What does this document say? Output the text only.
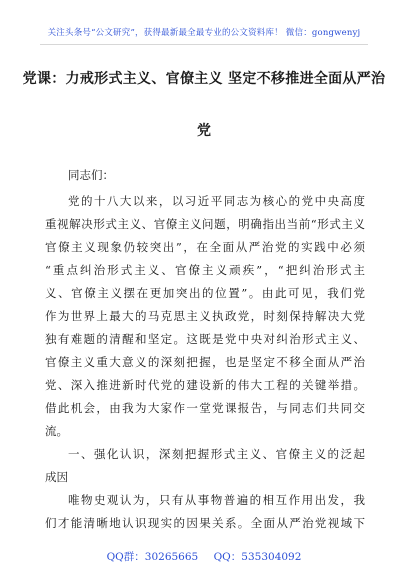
关注头条号“公文研究”，获得最新最全最专业的公文资料库！ 微信：gongwenyj
党课：力戒形式主义、官僚主义 坚定不移推进全面从严治
党
同志们：
党的十八大以来，以习近平同志为核心的党中央高度
重视解决形式主义、官僚主义问题，明确指出当前“形式主义
官僚主义现象仍较突出”，在全面从严治党的实践中必须
“重点纠治形式主义、官僚主义顽疾”，“把纠治形式主
义、官僚主义摆在更加突出的位置”。由此可见，我们党
作为世界上最大的马克思主义执政党，时刻保持解决大党
独有难题的清醒和坚定。这既是党中央对纠治形式主义、
官僚主义重大意义的深刻把握，也是坚定不移全面从严治
党、深入推进新时代党的建设新的伟大工程的关键举措。
借此机会，由我为大家作一堂党课报告，与同志们共同交
流。
一、强化认识，深刻把握形式主义、官僚主义的泛起
成因
唯物史观认为，只有从事物普遍的相互作用出发，我
们才能清晰地认识现实的因果关系。全面从严治党视域下
QQ群：30265665 QQ：535304092
